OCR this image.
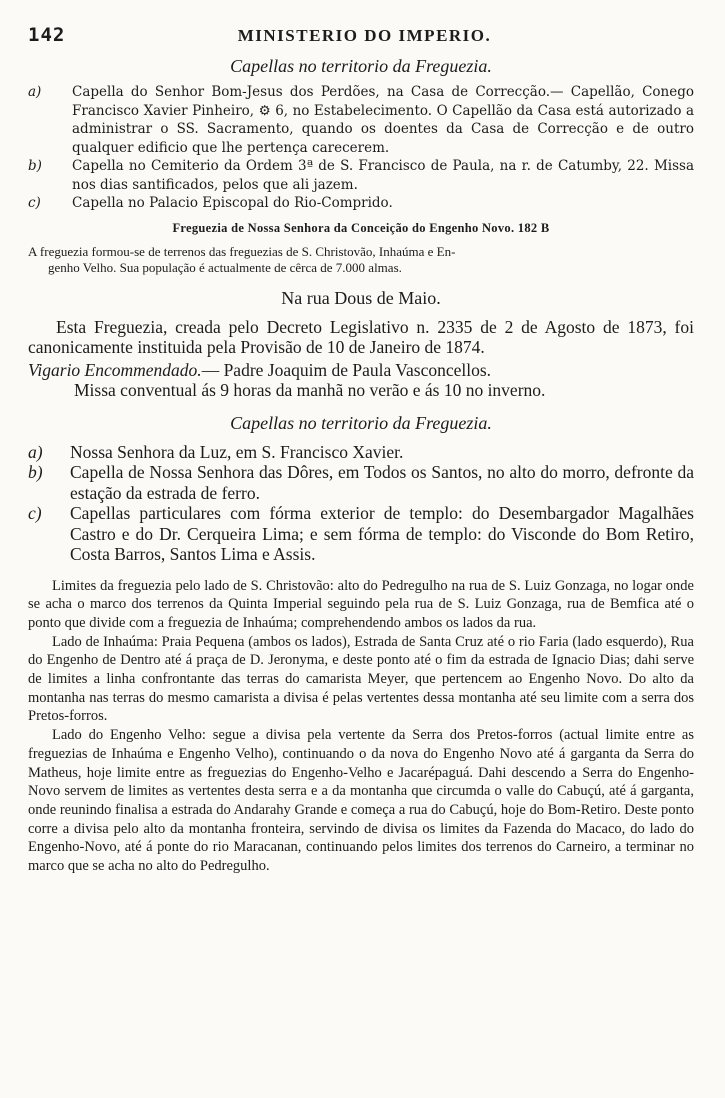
142	MINISTERIO DO IMPERIO.
Capellas no territorio da Freguezia.

a) Capella do Senhor Bom-Jesus dos Perdões, na Casa de Correcção.— Capellão, Conego Francisco Xavier Pinheiro, ⚙ 6, no Estabelecimento. O Capellão da Casa está autorizado a administrar o SS. Sacramento, quando os doentes da Casa de Correcção e de outro qualquer edificio que lhe pertença carecerem.

b) Capella no Cemiterio da Ordem 3ª de S. Francisco de Paula, na r. de Catumby, 22. Missa nos dias santificados, pelos que ali jazem.

c) Capella no Palacio Episcopal do Rio-Comprido.

Freguezia de Nossa Senhora da Conceição do Engenho Novo. 182 B

A freguezia formou-se de terrenos das freguezias de S. Christovão, Inhaúma e En-
genho Velho. Sua população é actualmente de cêrca de 7.000 almas.

Na rua Dous de Maio.

Esta Freguezia, creada pelo Decreto Legislativo n. 2335 de 2 de Agosto de 1873, foi canonicamente instituida pela Provisão de 10 de Janeiro de 1874.

Vigario Encommendado.— Padre Joaquim de Paula Vasconcellos.
Missa conventual ás 9 horas da manhã no verão e ás 10 no inverno.

Capellas no territorio da Freguezia.

a) Nossa Senhora da Luz, em S. Francisco Xavier.

b) Capella de Nossa Senhora das Dôres, em Todos os Santos, no alto do morro, defronte da estação da estrada de ferro.

c) Capellas particulares com fórma exterior de templo: do Desembargador Magalhães Castro e do Dr. Cerqueira Lima; e sem fórma de templo: do Visconde do Bom Retiro, Costa Barros, Santos Lima e Assis.

Limites da freguezia pelo lado de S. Christovão: alto do Pedregulho na rua de S. Luiz Gonzaga, no logar onde se acha o marco dos terrenos da Quinta Imperial seguindo pela rua de S. Luiz Gonzaga, rua de Bemfica até o ponto que divide com a freguezia de Inhaúma; comprehendendo ambos os lados da rua.

Lado de Inhaúma: Praia Pequena (ambos os lados), Estrada de Santa Cruz até o rio Faria (lado esquerdo), Rua do Engenho de Dentro até á praça de D. Jeronyma, e deste ponto até o fim da estrada de Ignacio Dias; dahi serve de limites a linha confrontante das terras do camarista Meyer, que pertencem ao Engenho Novo. Do alto da montanha nas terras do mesmo camarista a divisa é pelas vertentes dessa montanha até seu limite com a serra dos Pretos-forros.

Lado do Engenho Velho: segue a divisa pela vertente da Serra dos Pretos-forros (actual limite entre as freguezias de Inhaúma e Engenho Velho), continuando o da nova do Engenho Novo até á garganta da Serra do Matheus, hoje limite entre as freguezias do Engenho-Velho e Jacarépaguá. Dahi descendo a Serra do Engenho-Novo servem de limites as vertentes desta serra e a da montanha que circumda o valle do Cabuçú, até á garganta, onde reunindo finalisa a estrada do Andarahy Grande e começa a rua do Cabuçú, hoje do Bom-Retiro. Deste ponto corre a divisa pelo alto da montanha fronteira, servindo de divisa os limites da Fazenda do Macaco, do lado do Engenho-Novo, até á ponte do rio Maracanan, continuando pelos limites dos terrenos do Carneiro, a terminar no marco que se acha no alto do Pedregulho.
